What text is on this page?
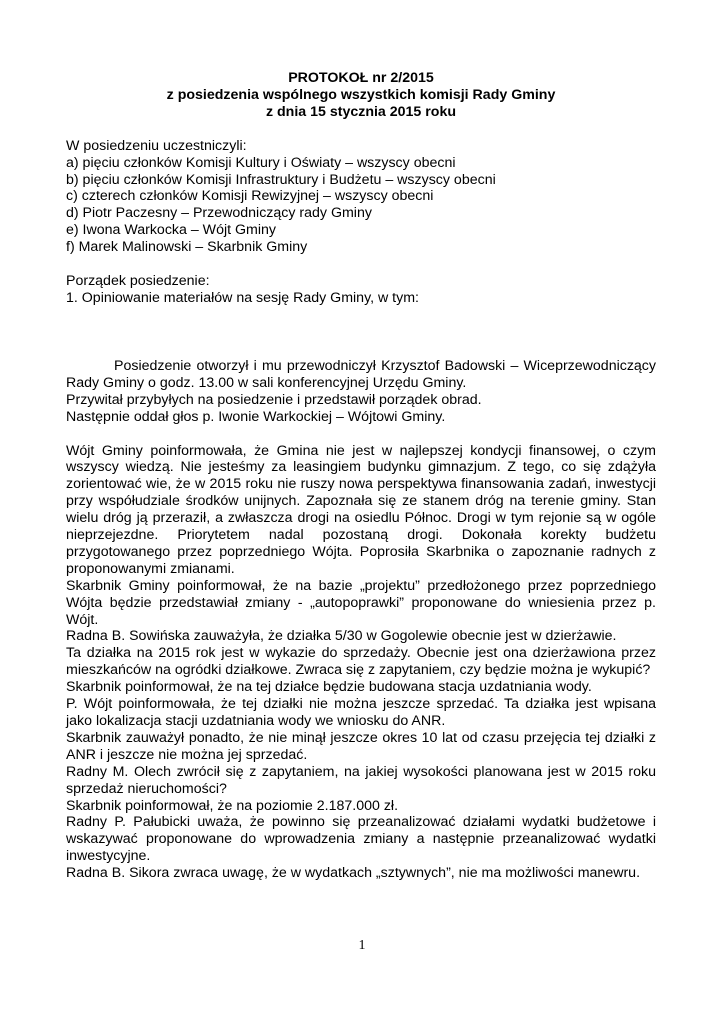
PROTOKOŁ nr 2/2015
z posiedzenia wspólnego wszystkich komisji Rady Gminy
z dnia 15 stycznia 2015 roku
W posiedzeniu uczestniczyli:
a) pięciu członków Komisji Kultury i Oświaty – wszyscy obecni
b) pięciu członków Komisji Infrastruktury i Budżetu – wszyscy obecni
c) czterech członków Komisji Rewizyjnej – wszyscy obecni
d) Piotr Paczesny – Przewodniczący rady Gminy
e) Iwona Warkocka – Wójt Gminy
f) Marek Malinowski – Skarbnik Gminy
Porządek posiedzenie:
1. Opiniowanie materiałów na sesję Rady Gminy, w tym:
Posiedzenie otworzył i mu przewodniczył Krzysztof Badowski – Wiceprzewodniczący Rady Gminy o godz. 13.00 w sali konferencyjnej Urzędu Gminy.
Przywitał przybyłych na posiedzenie i przedstawił porządek obrad.
Następnie oddał głos p. Iwonie Warkockiej – Wójtowi Gminy.
Wójt Gminy poinformowała, że Gmina nie jest w najlepszej kondycji finansowej, o czym wszyscy wiedzą. Nie jesteśmy za leasingiem budynku gimnazjum. Z tego, co się zdążyła zorientować wie, że w 2015 roku nie ruszy nowa perspektywa finansowania zadań, inwestycji przy współudziale środków unijnych. Zapoznała się ze stanem dróg na terenie gminy. Stan wielu dróg ją przeraził, a zwłaszcza drogi na osiedlu Północ. Drogi w tym rejonie są w ogóle nieprzejezdne. Priorytetem nadal pozostaną drogi. Dokonała korekty budżetu przygotowanego przez poprzedniego Wójta. Poprosiła Skarbnika o zapoznanie radnych z proponowanymi zmianami.
Skarbnik Gminy poinformował, że na bazie „projektu” przedłożonego przez poprzedniego Wójta będzie przedstawiał zmiany - „autopoprawki” proponowane do wniesienia przez p. Wójt.
Radna B. Sowińska zauważyła, że działka 5/30 w Gogolewie obecnie jest w dzierżawie.
Ta działka na 2015 rok jest w wykazie do sprzedaży. Obecnie jest ona dzierżawiona przez mieszkańców na ogródki działkowe. Zwraca się z zapytaniem, czy będzie można je wykupić?
Skarbnik poinformował, że na tej działce będzie budowana stacja uzdatniania wody.
P. Wójt poinformowała, że tej działki nie można jeszcze sprzedać. Ta działka jest wpisana jako lokalizacja stacji uzdatniania wody we wniosku do ANR.
Skarbnik zauważył ponadto, że nie minął jeszcze okres 10 lat od czasu przejęcia tej działki z ANR i jeszcze nie można jej sprzedać.
Radny M. Olech zwrócił się z zapytaniem, na jakiej wysokości planowana jest w 2015 roku sprzedaż nieruchomości?
Skarbnik poinformował, że na poziomie 2.187.000 zł.
Radny P. Pałubicki uważa, że powinno się przeanalizować działami wydatki budżetowe i wskazywać proponowane do wprowadzenia zmiany a następnie przeanalizować wydatki inwestycyjne.
Radna B. Sikora zwraca uwagę, że w wydatkach „sztywnych”, nie ma możliwości manewru.
1
